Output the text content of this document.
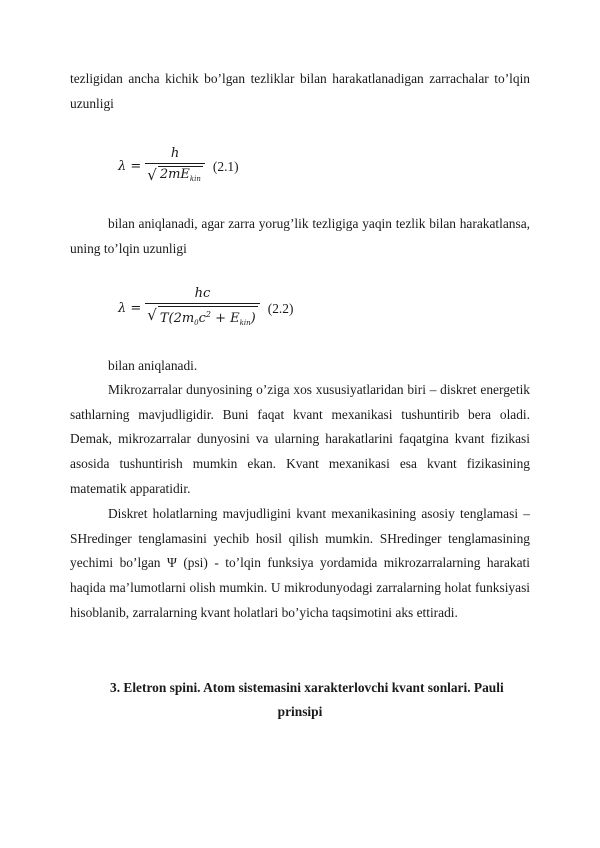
tezligidan ancha kichik bo’lgan tezliklar bilan harakatlanadigan zarrachalar to’lqin uzunligi

$\lambda = \frac{h}{√ 2mE_{kin}} (2.1)$

bilan aniqlanadi, agar zarra yorug’lik tezligiga yaqin tezlik bilan harakatlansa, uning to’lqin uzunligi

$\lambda = \frac{hc}{√ T(2m_0c^2 + E_{kin})} (2.2)$

bilan aniqlanadi.

Mikrozarralar dunyosining o’ziga xos xususiyatlaridan biri – diskret energetik sathlarning mavjudligidir. Buni faqat kvant mexanikasi tushuntirib bera oladi. Demak, mikrozarralar dunyosini va ularning harakatlarini faqatgina kvant fizikasi asosida tushuntirish mumkin ekan. Kvant mexanikasi esa kvant fizikasining matematik apparatidir.

Diskret holatlarning mavjudligini kvant mexanikasining asosiy tenglamasi – SHredinger tenglamasini yechib hosil qilish mumkin. SHredinger tenglamasining yechimi bo’lgan Ψ (psi) - to’lqin funksiya yordamida mikrozarralarning harakati haqida ma’lumotlarni olish mumkin. U mikrodunyodagi zarralarning holat funksiyasi hisoblanib, zarralarning kvant holatlari bo’yicha taqsimotini aks ettiradi.

3. Eletron spini. Atom sistemasini xarakterlovchi kvant sonlari. Pauli
prinsipi
